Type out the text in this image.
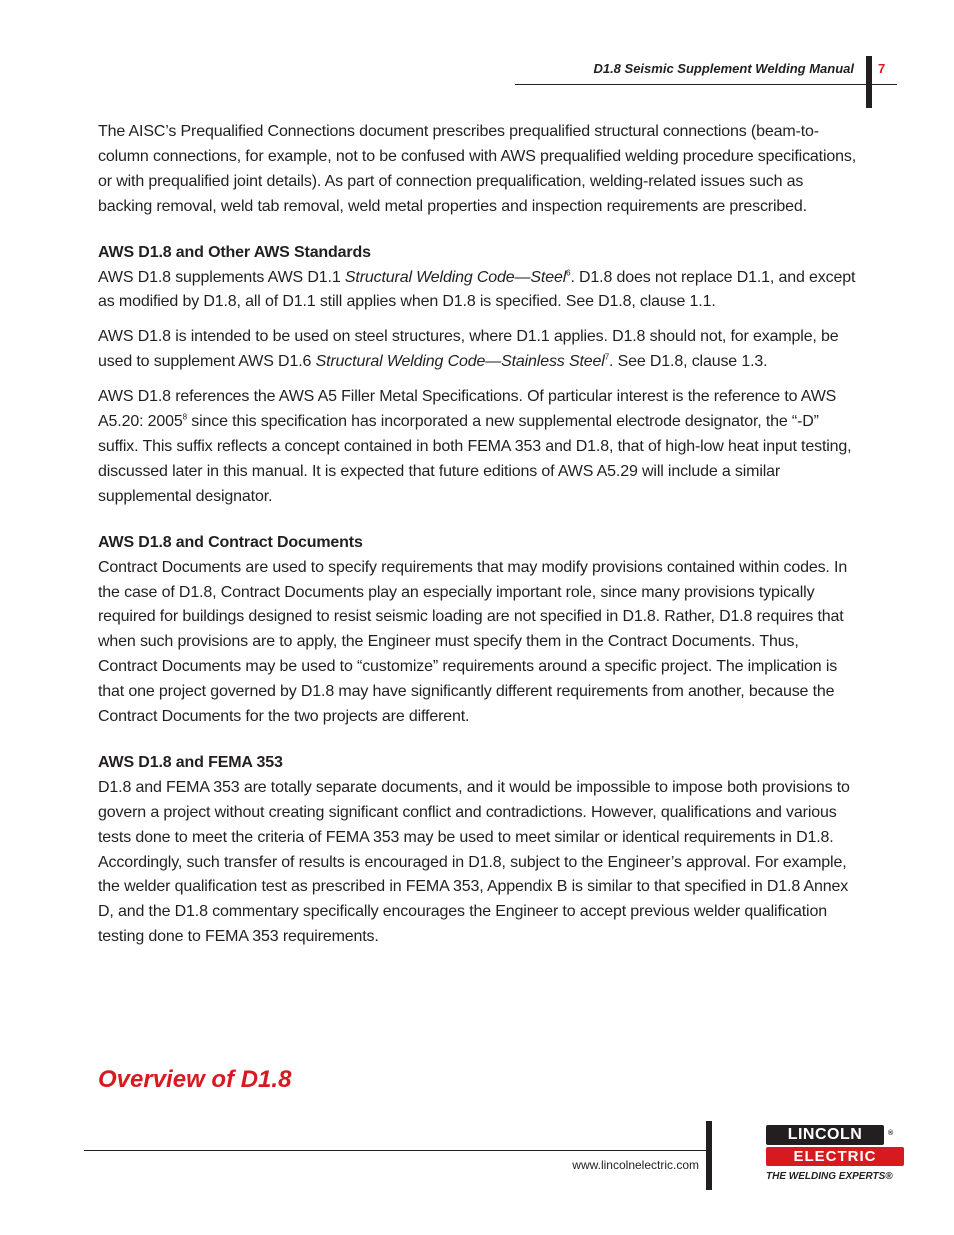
D1.8 Seismic Supplement Welding Manual 7

The AISC’s Prequalified Connections document prescribes prequalified structural connections (beam-to-column connections, for example, not to be confused with AWS prequalified welding procedure specifications, or with prequalified joint details). As part of connection prequalification, welding-related issues such as backing removal, weld tab removal, weld metal properties and inspection requirements are prescribed.

AWS D1.8 and Other AWS Standards

AWS D1.8 supplements AWS D1.1 Structural Welding Code—Steel$^6$. D1.8 does not replace D1.1, and except as modified by D1.8, all of D1.1 still applies when D1.8 is specified. See D1.8, clause 1.1.

AWS D1.8 is intended to be used on steel structures, where D1.1 applies. D1.8 should not, for example, be used to supplement AWS D1.6 Structural Welding Code—Stainless Steel$^7$. See D1.8, clause 1.3.

AWS D1.8 references the AWS A5 Filler Metal Specifications. Of particular interest is the reference to AWS A5.20: 2005$^8$ since this specification has incorporated a new supplemental electrode designator, the “-D” suffix. This suffix reflects a concept contained in both FEMA 353 and D1.8, that of high-low heat input testing, discussed later in this manual. It is expected that future editions of AWS A5.29 will include a similar supplemental designator.

AWS D1.8 and Contract Documents

Contract Documents are used to specify requirements that may modify provisions contained within codes. In the case of D1.8, Contract Documents play an especially important role, since many provisions typically required for buildings designed to resist seismic loading are not specified in D1.8. Rather, D1.8 requires that when such provisions are to apply, the Engineer must specify them in the Contract Documents. Thus, Contract Documents may be used to “customize” requirements around a specific project. The implication is that one project governed by D1.8 may have significantly different requirements from another, because the Contract Documents for the two projects are different.

AWS D1.8 and FEMA 353

D1.8 and FEMA 353 are totally separate documents, and it would be impossible to impose both provisions to govern a project without creating significant conflict and contradictions. However, qualifications and various tests done to meet the criteria of FEMA 353 may be used to meet similar or identical requirements in D1.8. Accordingly, such transfer of results is encouraged in D1.8, subject to the Engineer’s approval. For example, the welder qualification test as prescribed in FEMA 353, Appendix B is similar to that specified in D1.8 Annex D, and the D1.8 commentary specifically encourages the Engineer to accept previous welder qualification testing done to FEMA 353 requirements.

Overview of D1.8
www.lincolnelectric.com
LINCOLN	®
ELECTRIC
THE WELDING EXPERTS®
